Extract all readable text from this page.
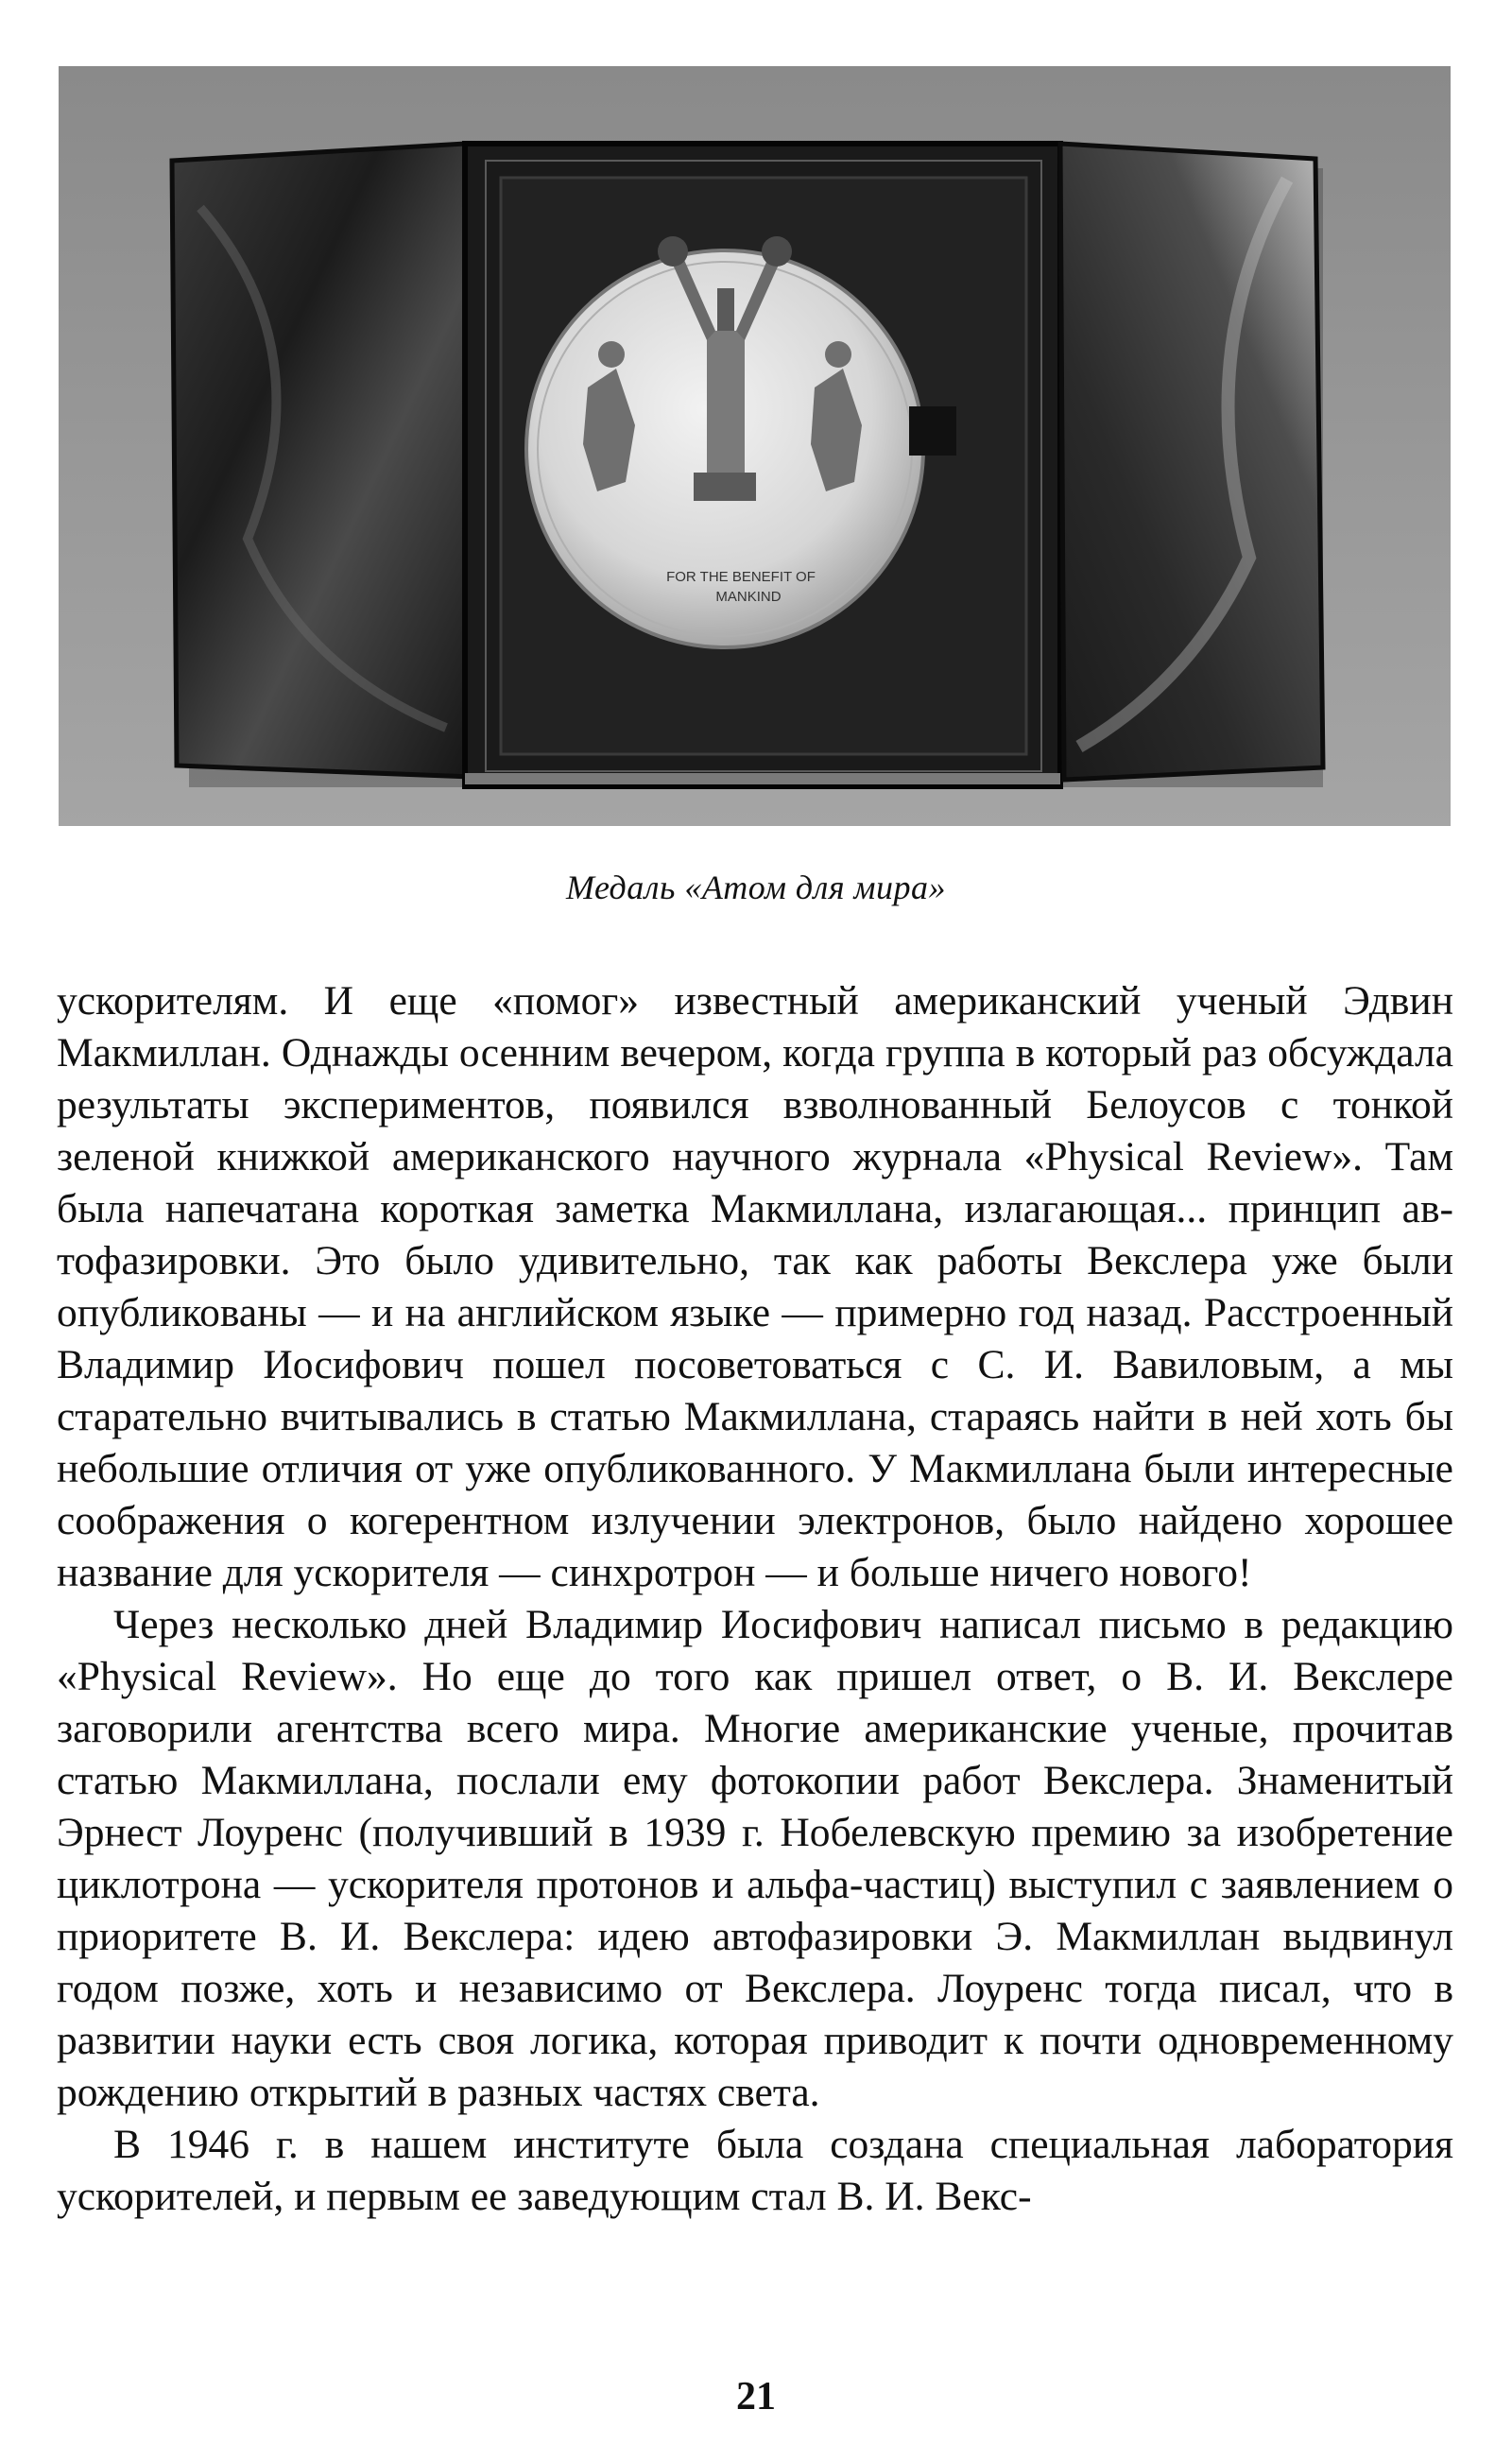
FOR THE BENEFIT OF
MANKIND
Медаль «Атом для мира»

ускорителям. И еще «помог» известный американский ученый Эдвин Макмиллан. Однажды осенним вечером, когда группа в который раз обсуждала результаты экспериментов, появился взволнованный Белоусов с тонкой зеленой книжкой американского научного журнала «Physical Review». Там была напечатана короткая заметка Макмиллана, излагающая... принцип автофазировки. Это было удивительно, так как работы Векслера уже были опубликованы — и на английском языке — примерно год назад. Расстроенный Владимир Иосифович пошел посоветоваться с С. И. Вавиловым, а мы старательно вчитывались в статью Макмиллана, стараясь найти в ней хоть бы небольшие отличия от уже опубликованного. У Макмиллана были интересные соображения о когерентном излучении электронов, было найдено хорошее название для ускорителя — синхротрон — и больше ничего нового!

Через несколько дней Владимир Иосифович написал письмо в редакцию «Physical Review». Но еще до того как пришел ответ, о В. И. Векслере заговорили агентства всего мира. Многие американские ученые, прочитав статью Макмиллана, послали ему фотокопии работ Векслера. Знаменитый Эрнест Лоуренс (получивший в 1939 г. Нобелевскую премию за изобретение циклотрона — ускорителя протонов и альфа-частиц) выступил с заявлением о приоритете В. И. Векслера: идею автофазировки Э. Макмиллан выдвинул годом позже, хоть и независимо от Векслера. Лоуренс тогда писал, что в развитии науки есть своя логика, которая приводит к почти одновременному рождению открытий в разных частях света.

В 1946 г. в нашем институте была создана специальная лаборатория ускорителей, и первым ее заведующим стал В. И. Векс-

21
